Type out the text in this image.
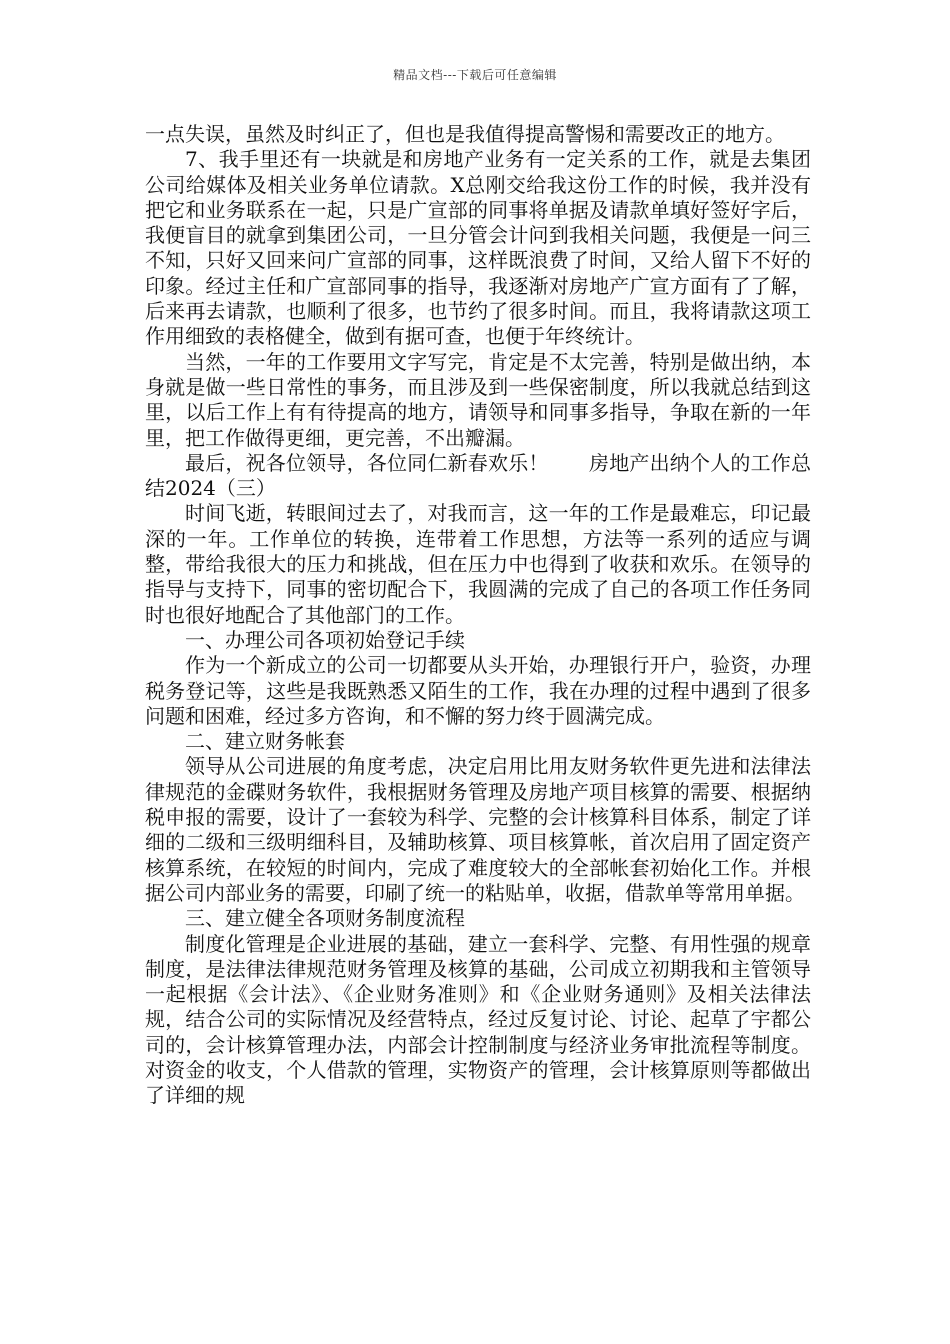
精品文档---下载后可任意编辑

一点失误，虽然及时纠正了，但也是我值得提高警惕和需要改正的地方。

7、我手里还有一块就是和房地产业务有一定关系的工作，就是去集团公司给媒体及相关业务单位请款。X总刚交给我这份工作的时候，我并没有把它和业务联系在一起，只是广宣部的同事将单据及请款单填好签好字后，我便盲目的就拿到集团公司，一旦分管会计问到我相关问题，我便是一问三不知，只好又回来问广宣部的同事，这样既浪费了时间，又给人留下不好的印象。经过主任和广宣部同事的指导，我逐渐对房地产广宣方面有了了解，后来再去请款，也顺利了很多，也节约了很多时间。而且，我将请款这项工作用细致的表格健全，做到有据可查，也便于年终统计。

当然，一年的工作要用文字写完，肯定是不太完善，特别是做出纳，本身就是做一些日常性的事务，而且涉及到一些保密制度，所以我就总结到这里，以后工作上有有待提高的地方，请领导和同事多指导，争取在新的一年里，把工作做得更细，更完善，不出瓣漏。

最后，祝各位领导，各位同仁新春欢乐！　　房地产出纳个人的工作总结2024（三）

时间飞逝，转眼间过去了，对我而言，这一年的工作是最难忘，印记最深的一年。工作单位的转换，连带着工作思想，方法等一系列的适应与调整，带给我很大的压力和挑战，但在压力中也得到了收获和欢乐。在领导的指导与支持下，同事的密切配合下，我圆满的完成了自己的各项工作任务同时也很好地配合了其他部门的工作。

一、办理公司各项初始登记手续

作为一个新成立的公司一切都要从头开始，办理银行开户，验资，办理税务登记等，这些是我既熟悉又陌生的工作，我在办理的过程中遇到了很多问题和困难，经过多方咨询，和不懈的努力终于圆满完成。

二、建立财务帐套

领导从公司进展的角度考虑，决定启用比用友财务软件更先进和法律法律规范的金碟财务软件，我根据财务管理及房地产项目核算的需要、根据纳税申报的需要，设计了一套较为科学、完整的会计核算科目体系，制定了详细的二级和三级明细科目，及辅助核算、项目核算帐，首次启用了固定资产核算系统，在较短的时间内，完成了难度较大的全部帐套初始化工作。并根据公司内部业务的需要，印刷了统一的粘贴单，收据，借款单等常用单据。

三、建立健全各项财务制度流程

制度化管理是企业进展的基础，建立一套科学、完整、有用性强的规章制度，是法律法律规范财务管理及核算的基础，公司成立初期我和主管领导一起根据《会计法》、《企业财务准则》和《企业财务通则》及相关法律法规，结合公司的实际情况及经营特点，经过反复讨论、讨论、起草了宇都公司的，会计核算管理办法，内部会计控制制度与经济业务审批流程等制度。对资金的收支，个人借款的管理，实物资产的管理，会计核算原则等都做出了详细的规
